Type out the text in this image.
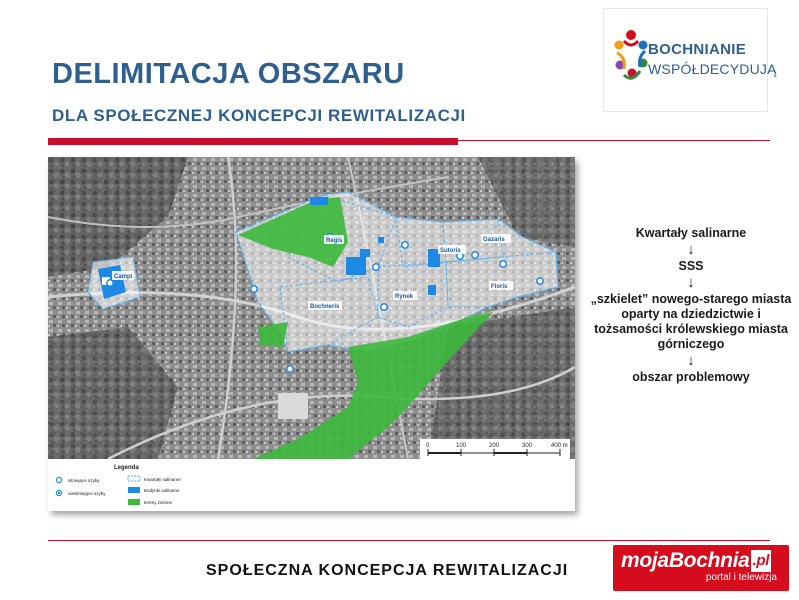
DELIMITACJA OBSZARU
DLA SPOŁECZNEJ KONCEPCJI REWITALIZACJI
BOCHNIANIE
WSPÓŁDECYDUJĄ
Campi
Regis
Sutoris
Gazaris
Rynek
Floris
Bochneris
0	100	200	300	400 m
Legenda
istniejące szyby
nieistniejące szyby
Kwartały salinarne
Budynki salinarne
tereny zielone
Kwartały salinarne
↓
SSS
↓
„szkielet” nowego-starego miasta oparty na dziedzictwie i tożsamości królewskiego miasta górniczego
↓
obszar problemowy
SPOŁECZNA KONCEPCJA REWITALIZACJI	mojaBochnia .pl
portal i telewizja
